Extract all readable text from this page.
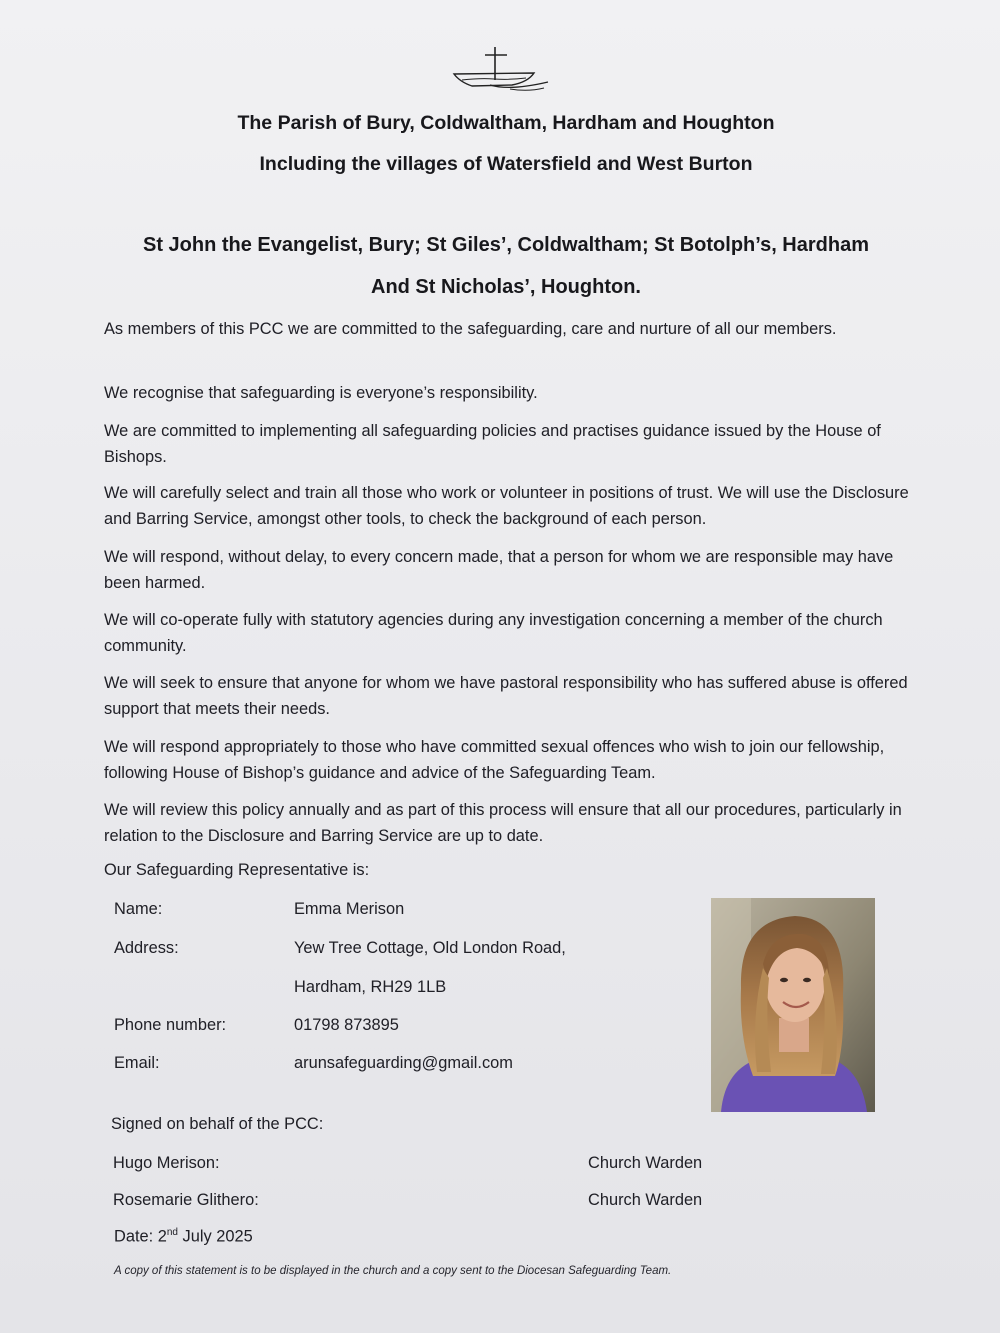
The Parish of Bury, Coldwaltham, Hardham and Houghton
Including the villages of Watersfield and West Burton
St John the Evangelist, Bury; St Giles’, Coldwaltham; St Botolph’s, Hardham
And St Nicholas’, Houghton.
As members of this PCC we are committed to the safeguarding, care and nurture of all our members.
We recognise that safeguarding is everyone’s responsibility.
We are committed to implementing all safeguarding policies and practises guidance issued by the House of Bishops.
We will carefully select and train all those who work or volunteer in positions of trust. We will use the Disclosure and Barring Service, amongst other tools, to check the background of each person.
We will respond, without delay, to every concern made, that a person for whom we are responsible may have been harmed.
We will co-operate fully with statutory agencies during any investigation concerning a member of the church community.
We will seek to ensure that anyone for whom we have pastoral responsibility who has suffered abuse is offered support that meets their needs.
We will respond appropriately to those who have committed sexual offences who wish to join our fellowship, following House of Bishop’s guidance and advice of the Safeguarding Team.
We will review this policy annually and as part of this process will ensure that all our procedures, particularly in relation to the Disclosure and Barring Service are up to date.
Our Safeguarding Representative is:
Name:	Emma Merison
Address:	Yew Tree Cottage, Old London Road,
Hardham, RH29 1LB
Phone number:	01798 873895
Email:	arunsafeguarding@gmail.com
Signed on behalf of the PCC:
Hugo Merison:	Church Warden
Rosemarie Glithero:	Church Warden
Date: 2nd July 2025
A copy of this statement is to be displayed in the church and a copy sent to the Diocesan Safeguarding Team.
